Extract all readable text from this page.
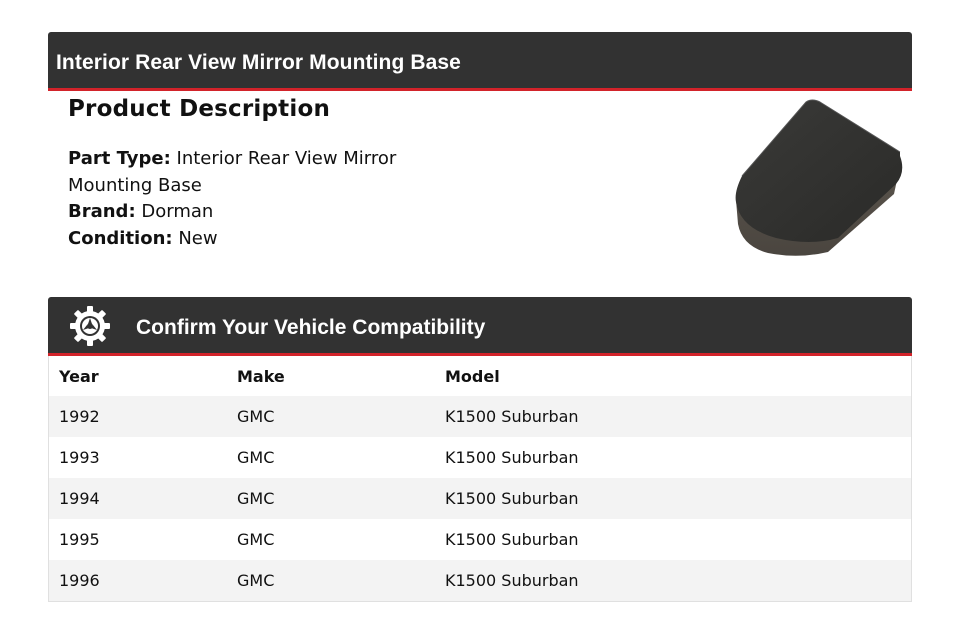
Interior Rear View Mirror Mounting Base
Product Description
Part Type: Interior Rear View Mirror
Mounting Base
Brand: Dorman
Condition: New
Confirm Your Vehicle Compatibility
Year	Make	Model
1992	GMC	K1500 Suburban
1993	GMC	K1500 Suburban
1994	GMC	K1500 Suburban
1995	GMC	K1500 Suburban
1996	GMC	K1500 Suburban
